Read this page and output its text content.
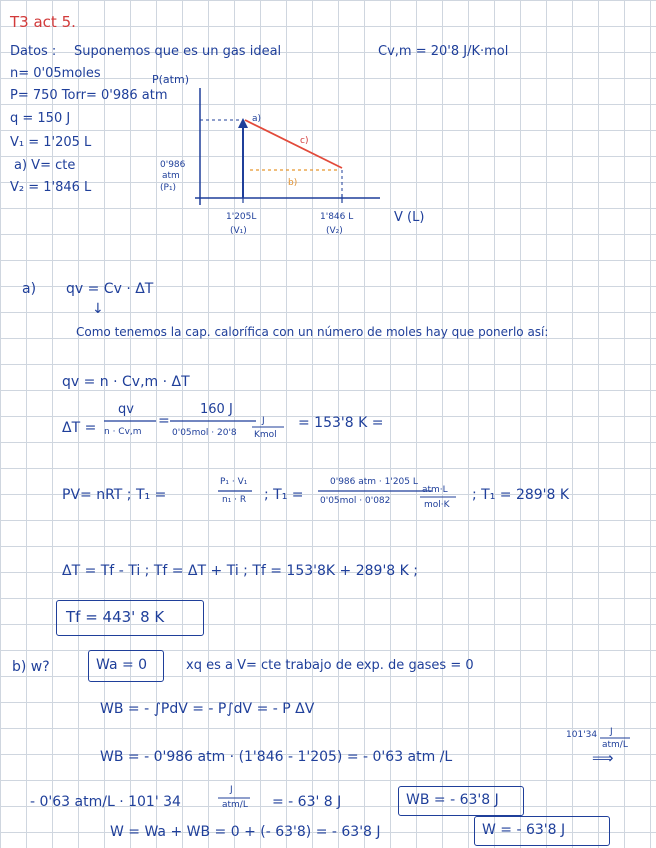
T3 act 5.
Datos : Suponemos que es un gas ideal	Cv,m = 20'8 J/K·mol
n= 0'05moles
P= 750 Torr= 0'986 atm
q = 150 J
V₁ = 1'205 L
a) V= cte
V₂ = 1'846 L
P(atm)
V (L)
0'986
atm
(P₁)
1'205L
(V₁)
1'846 L
(V₂)
a)
c)
b)
a) qv = Cv · ΔT
↓
Como tenemos la cap. calorífica con un número de moles hay que ponerlo así:
qv = n · Cv,m · ΔT
ΔT =
qv
n · Cv,m
=
160 J
0'05mol · 20'8
J
Kmol
= 153'8 K =
PV= nRT ; T₁ =
P₁ · V₁
n₁ · R ; T₁ =
0'986 atm · 1'205 L
0'05mol · 0'082
atm·L
mol·K
; T₁ = 289'8 K
ΔT = Tf - Ti ; Tf = ΔT + Ti ; Tf = 153'8K + 289'8 K ;
Tf = 443' 8 K
b) w?	Wa = 0	xq es a V= cte trabajo de exp. de gases = 0
WB = - ∫PdV = - P∫dV = - P ΔV
101'34 J
atm/L
WB = - 0'986 atm · (1'846 - 1'205) = - 0'63 atm /L	⟹
- 0'63 atm/L · 101' 34
J
atm/L = - 63' 8 J	WB = - 63'8 J
W = Wa + WB = 0 + (- 63'8) = - 63'8 J	W = - 63'8 J
